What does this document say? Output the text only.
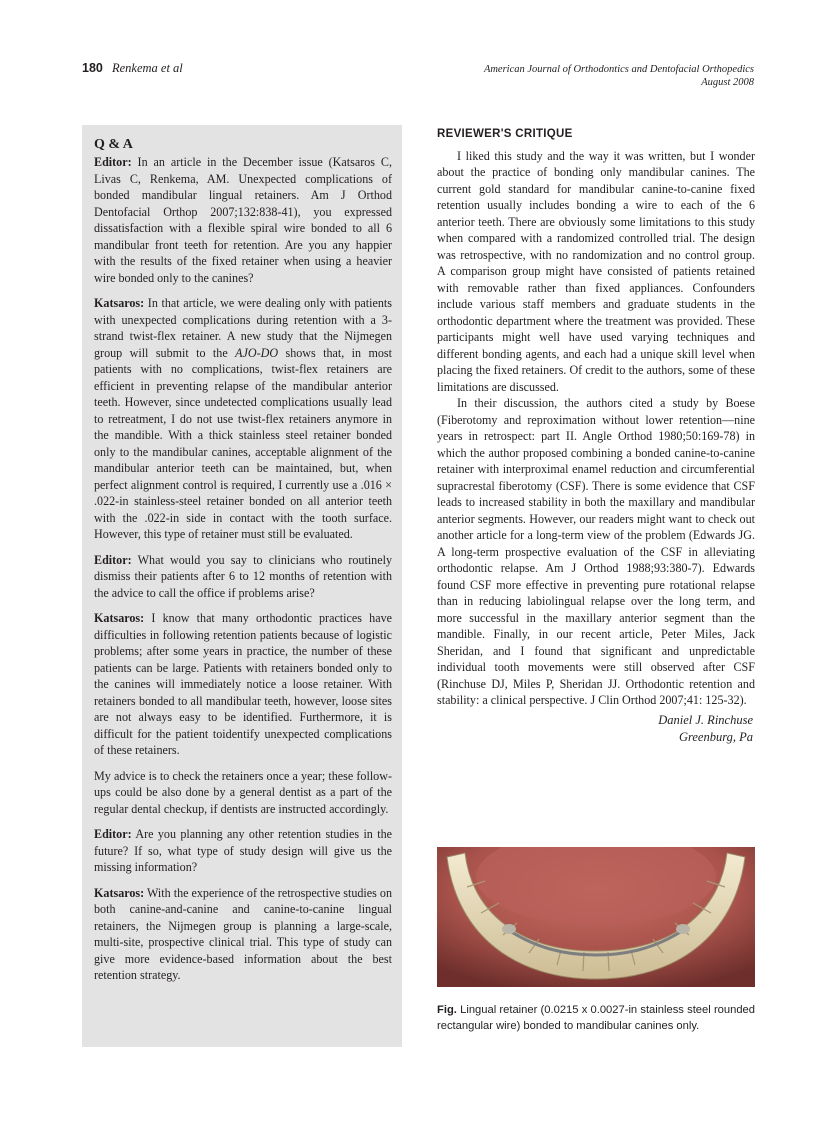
180 Renkema et al	American Journal of Orthodontics and Dentofacial Orthopedics
August 2008
Q & A

Editor: In an article in the December issue (Katsaros C, Livas C, Renkema, AM. Unexpected complications of bonded mandibular lingual retainers. Am J Orthod Dentofacial Orthop 2007;132:838-41), you expressed dissatisfaction with a flexible spiral wire bonded to all 6 mandibular front teeth for retention. Are you any happier with the results of the fixed retainer when using a heavier wire bonded only to the canines?

Katsaros: In that article, we were dealing only with patients with unexpected complications during retention with a 3-strand twist-flex retainer. A new study that the Nijmegen group will submit to the AJO-DO shows that, in most patients with no complications, twist-flex retainers are efficient in preventing relapse of the mandibular anterior teeth. However, since undetected complications usually lead to retreatment, I do not use twist-flex retainers anymore in the mandible. With a thick stainless steel retainer bonded only to the mandibular canines, acceptable alignment of the mandibular anterior teeth can be maintained, but, when perfect alignment control is required, I currently use a .016 × .022-in stainless-steel retainer bonded on all anterior teeth with the .022-in side in contact with the tooth surface. However, this type of retainer must still be evaluated.

Editor: What would you say to clinicians who routinely dismiss their patients after 6 to 12 months of retention with the advice to call the office if problems arise?

Katsaros: I know that many orthodontic practices have difficulties in following retention patients because of logistic problems; after some years in practice, the number of these patients can be large. Patients with retainers bonded only to the canines will immediately notice a loose retainer. With retainers bonded to all mandibular teeth, however, loose sites are not always easy to be identified. Furthermore, it is difficult for the patient toidentify unexpected complications of these retainers.

My advice is to check the retainers once a year; these follow-ups could be also done by a general dentist as a part of the regular dental checkup, if dentists are instructed accordingly.

Editor: Are you planning any other retention studies in the future? If so, what type of study design will give us the missing information?

Katsaros: With the experience of the retrospective studies on both canine-and-canine and canine-to-canine lingual retainers, the Nijmegen group is planning a large-scale, multi-site, prospective clinical trial. This type of study can give more evidence-based information about the best retention strategy.

REVIEWER'S CRITIQUE

I liked this study and the way it was written, but I wonder about the practice of bonding only mandibular canines. The current gold standard for mandibular canine-to-canine fixed retention usually includes bonding a wire to each of the 6 anterior teeth. There are obviously some limitations to this study when compared with a randomized controlled trial. The design was retrospective, with no randomization and no control group. A comparison group might have consisted of patients retained with removable rather than fixed appliances. Confounders include various staff members and graduate students in the orthodontic department where the treatment was provided. These participants might well have used varying techniques and different bonding agents, and each had a unique skill level when placing the fixed retainers. Of credit to the authors, some of these limitations are discussed.

In their discussion, the authors cited a study by Boese (Fiberotomy and reproximation without lower retention—nine years in retrospect: part II. Angle Orthod 1980;50:169-78) in which the author proposed combining a bonded canine-to-canine retainer with interproximal enamel reduction and circumferential supracrestal fiberotomy (CSF). There is some evidence that CSF leads to increased stability in both the maxillary and mandibular anterior segments. However, our readers might want to check out another article for a long-term view of the problem (Edwards JG. A long-term prospective evaluation of the CSF in alleviating orthodontic relapse. Am J Orthod 1988;93:380-7). Edwards found CSF more effective in preventing pure rotational relapse than in reducing labiolingual relapse over the long term, and more successful in the maxillary anterior segment than the mandible. Finally, in our recent article, Peter Miles, Jack Sheridan, and I found that significant and unpredictable individual tooth movements were still observed after CSF (Rinchuse DJ, Miles P, Sheridan JJ. Orthodontic retention and stability: a clinical perspective. J Clin Orthod 2007;41: 125-32).

Daniel J. Rinchuse
Greenburg, Pa
Fig. Lingual retainer (0.0215 x 0.0027-in stainless steel rounded rectangular wire) bonded to mandibular canines only.
